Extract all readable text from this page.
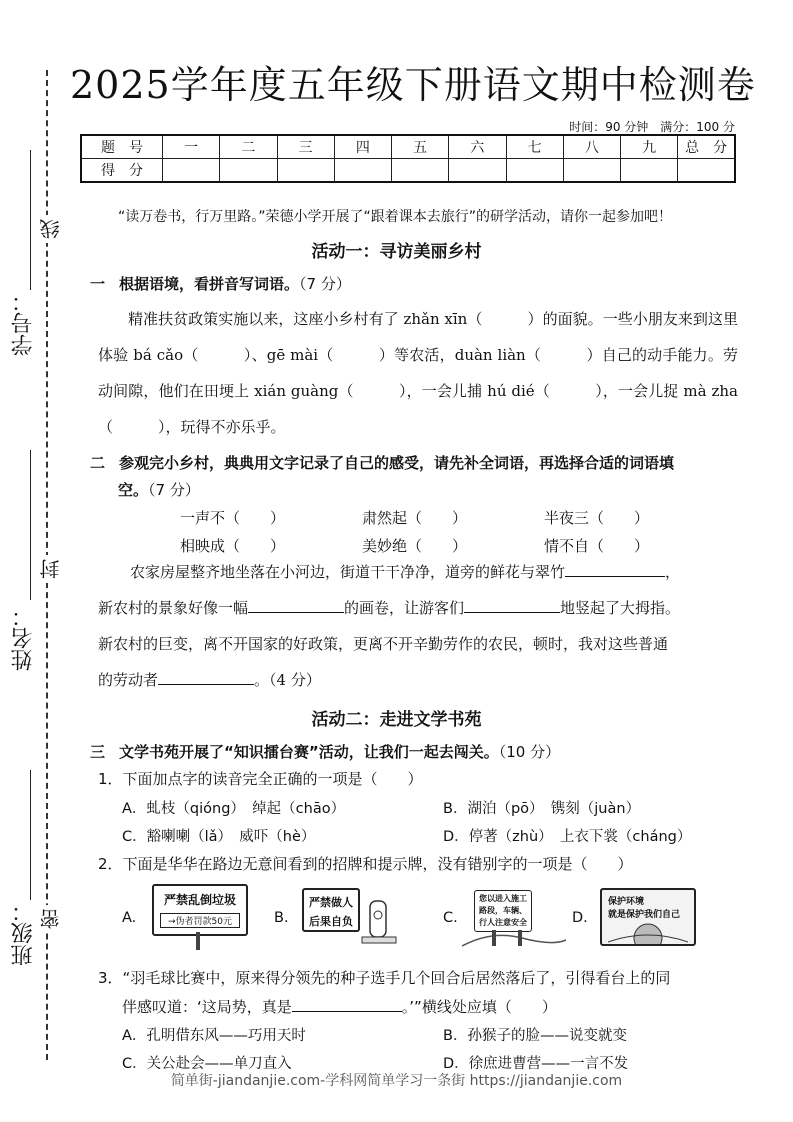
2025学年度五年级下册语文期中检测卷
时间：90 分钟　满分：100 分
题　号	一	二	三	四	五	六	七	八	九	总　分
得　分										
学号：
姓名：
班级：
线
封
密
“读万卷书，行万里路。”荣德小学开展了“跟着课本去旅行”的研学活动，请你一起参加吧！
活动一：寻访美丽乡村
一 根据语境，看拼音写词语。（7 分）
精准扶贫政策实施以来，这座小乡村有了 zhǎn xīn（　　　）的面貌。一些小朋友来到这里体验 bá cǎo（　　　）、gē mài（　　　）等农活，duàn liàn（　　　）自己的动手能力。劳动间隙，他们在田埂上 xián guàng（　　　），一会儿捕 hú dié（　　　），一会儿捉 mà zha（　　　），玩得不亦乐乎。
二 参观完小乡村，典典用文字记录了自己的感受，请先补全词语，再选择合适的词语填
空。（7 分）
一声不（　　）	肃然起（　　）	半夜三（　　）
相映成（　　）	美妙绝（　　）	情不自（　　）
农家房屋整齐地坐落在小河边，街道干干净净，道旁的鲜花与翠竹	，
新农村的景象好像一幅	的画卷，让游客们	地竖起了大拇指。
新农村的巨变，离不开国家的好政策，更离不开辛勤劳作的农民，顿时，我对这些普通
的劳动者	。（4 分）
活动二：走进文学书苑
三 文学书苑开展了“知识擂台赛”活动，让我们一起去闯关。（10 分）
1．下面加点字的读音完全正确的一项是（　　）
A．虬枝（qióng）　绰起（chāo）	B．湖泊（pō）　镌刻（juàn）
C．豁喇喇（lǎ）　威吓（hè）	D．停著（zhù）　上衣下裳（cháng）
2．下面是华华在路边无意间看到的招牌和提示牌，没有错别字的一项是（　　）
A.
严禁乱倒垃圾
→伪者罚款50元	B.
严禁做人
后果自负	C.
您以进入施工
路段，车辆、
行人注意安全	D.
保护环境
就是保护我们自己
3．“羽毛球比赛中，原来得分领先的种子选手几个回合后居然落后了，引得看台上的同
伴感叹道：‘这局势，真是	。’”横线处应填（　　）
A．孔明借东风——巧用天时	B．孙猴子的脸——说变就变
C．关公赴会——单刀直入	D．徐庶进曹营——一言不发
简单街-jiandanjie.com-学科网简单学习一条街 https://jiandanjie.com
